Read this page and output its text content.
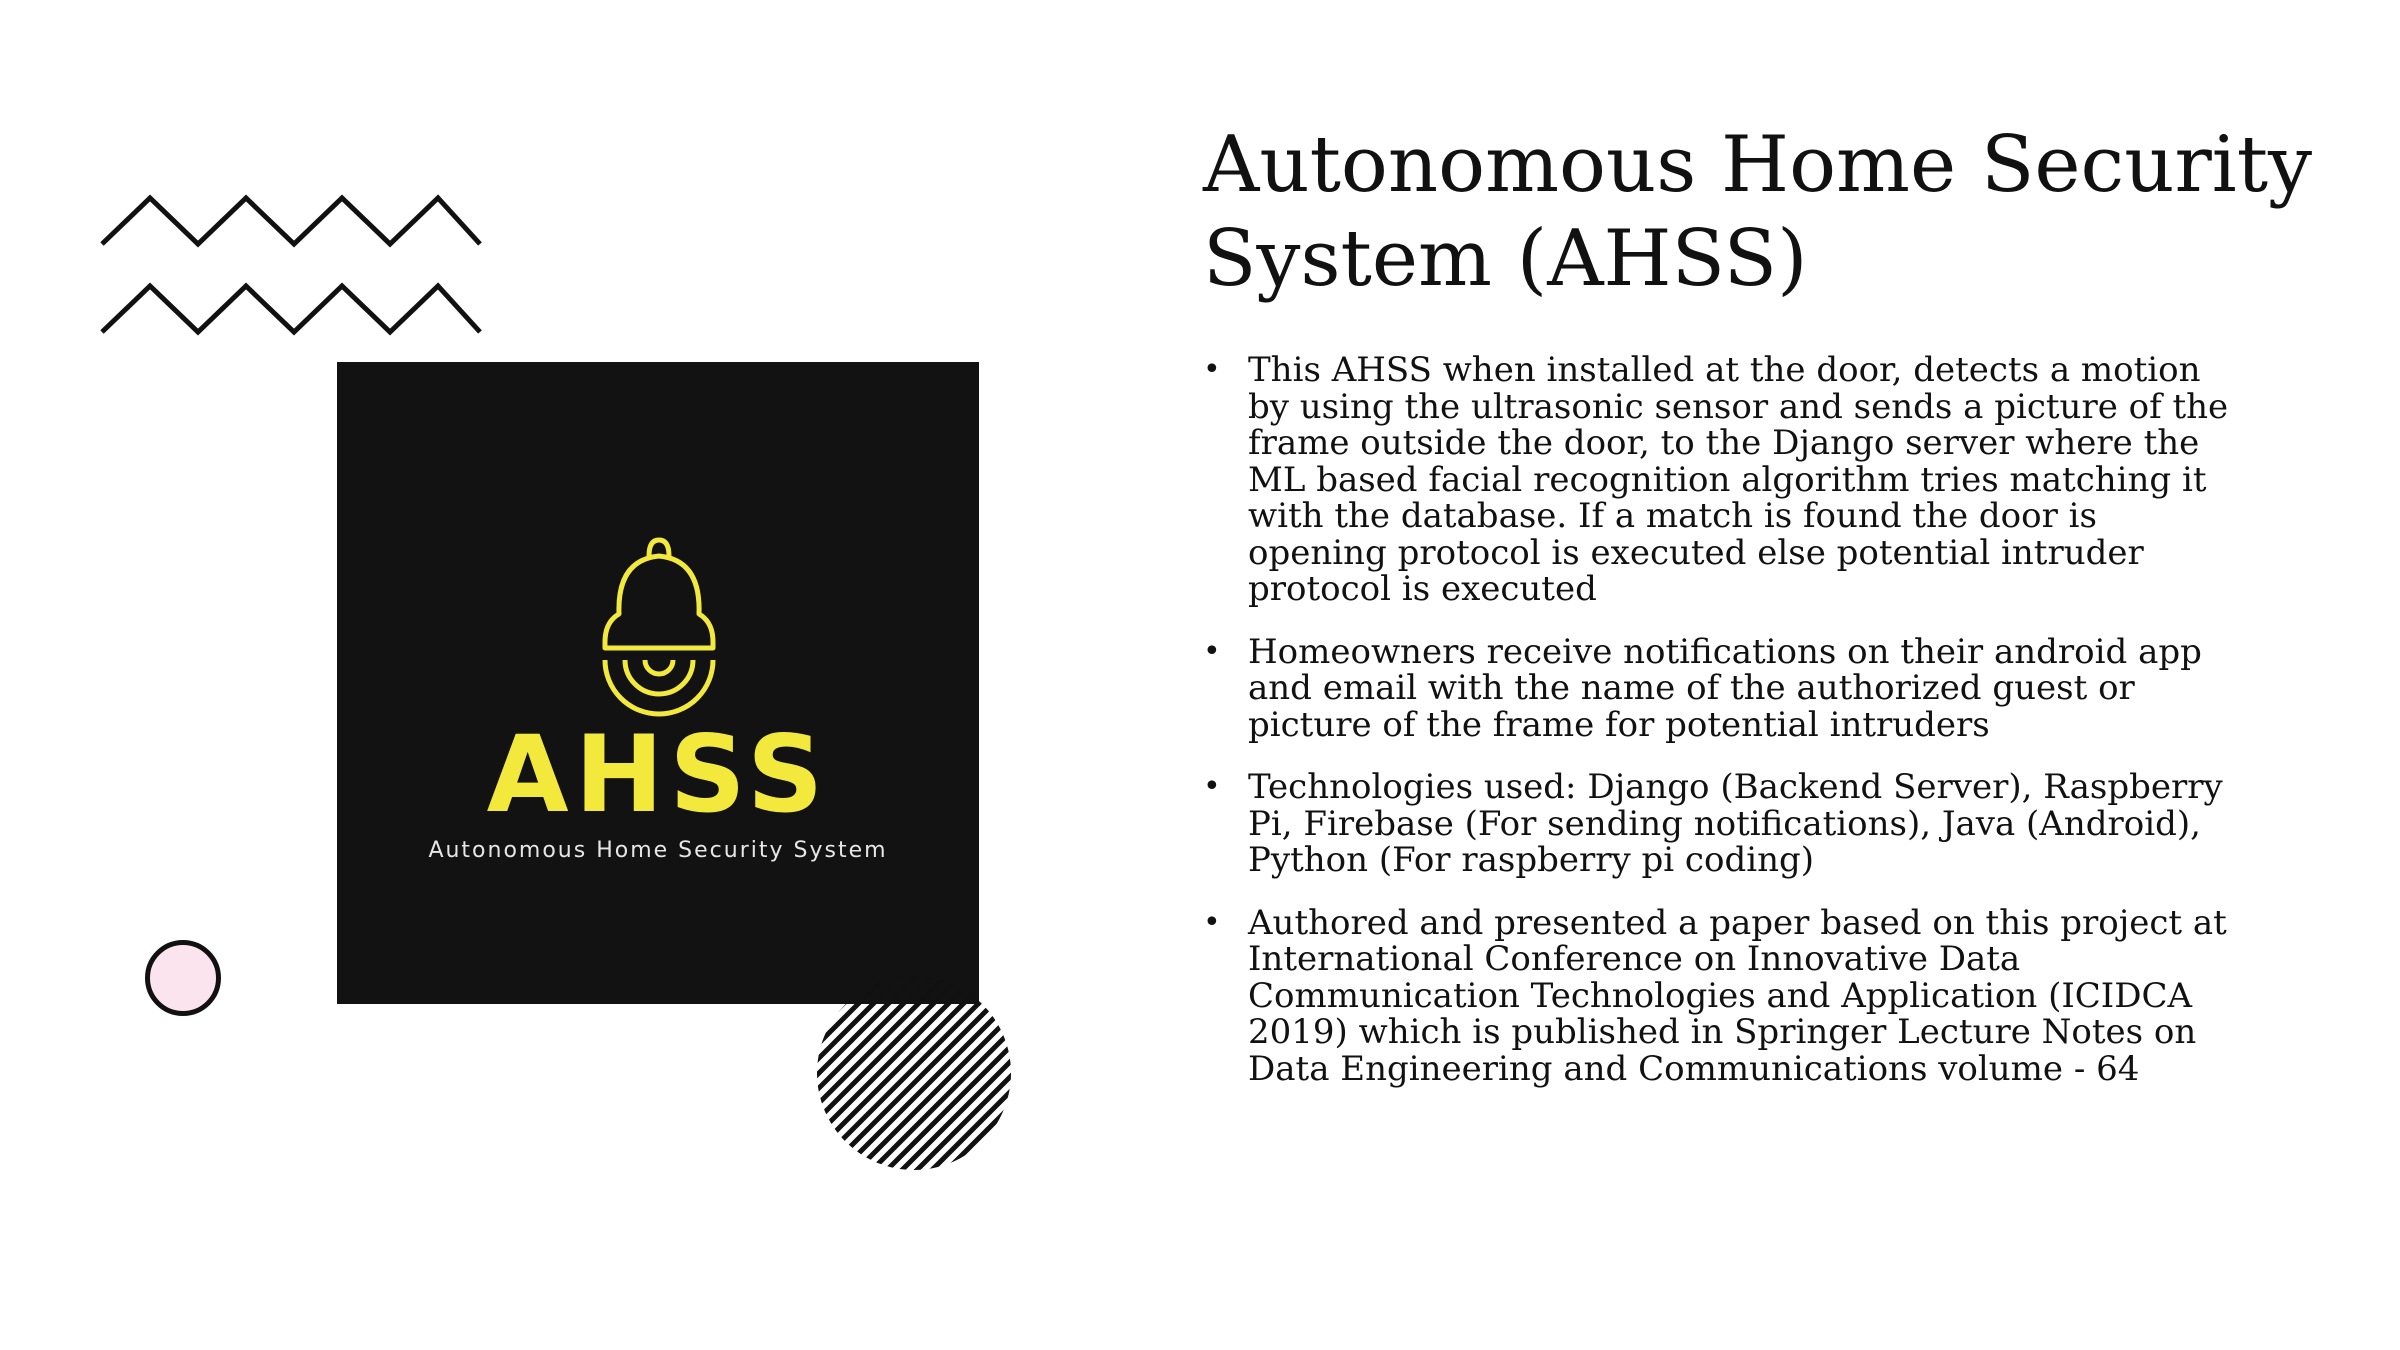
AHSS
Autonomous Home Security System
Autonomous Home Security System (AHSS)
• This AHSS when installed at the door, detects a motion by using the ultrasonic sensor and sends a picture of the frame outside the door, to the Django server where the ML based facial recognition algorithm tries matching it with the database. If a match is found the door is opening protocol is executed else potential intruder protocol is executed
• Homeowners receive notifications on their android app and email with the name of the authorized guest or picture of the frame for potential intruders
• Technologies used: Django (Backend Server), Raspberry Pi, Firebase (For sending notifications), Java (Android), Python (For raspberry pi coding)
• Authored and presented a paper based on this project at International Conference on Innovative Data Communication Technologies and Application (ICIDCA 2019) which is published in Springer Lecture Notes on Data Engineering and Communications volume - 64
